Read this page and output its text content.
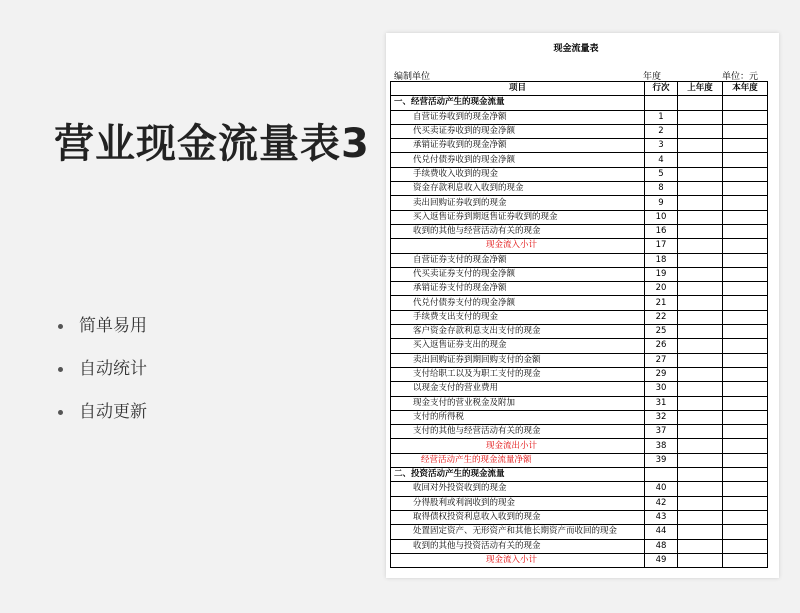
营业现金流量表3
简单易用
自动统计
自动更新
现金流量表
编制单位	年度	单位：元
项目	行次	上年度	本年度
一、经营活动产生的现金流量			
自营证券收到的现金净额	1		
代买卖证券收到的现金净额	2		
承销证券收到的现金净额	3		
代兑付债券收到的现金净额	4		
手续费收入收到的现金	5		
资金存款利息收入收到的现金	8		
卖出回购证券收到的现金	9		
买入返售证券到期返售证券收到的现金	10		
收到的其他与经营活动有关的现金	16		
现金流入小计	17		
自营证券支付的现金净额	18		
代买卖证券支付的现金净额	19		
承销证券支付的现金净额	20		
代兑付债券支付的现金净额	21		
手续费支出支付的现金	22		
客户资金存款利息支出支付的现金	25		
买入返售证券支出的现金	26		
卖出回购证券到期回购支付的金额	27		
支付给职工以及为职工支付的现金	29		
以现金支付的营业费用	30		
现金支付的营业税金及附加	31		
支付的所得税	32		
支付的其他与经营活动有关的现金	37		
现金流出小计	38		
经营活动产生的现金流量净额	39		
二、投资活动产生的现金流量			
收回对外投资收到的现金	40		
分得股利或利润收到的现金	42		
取得债权投资利息收入收到的现金	43		
处置固定资产、无形资产和其他长期资产而收回的现金	44		
收到的其他与投资活动有关的现金	48		
现金流入小计	49		
